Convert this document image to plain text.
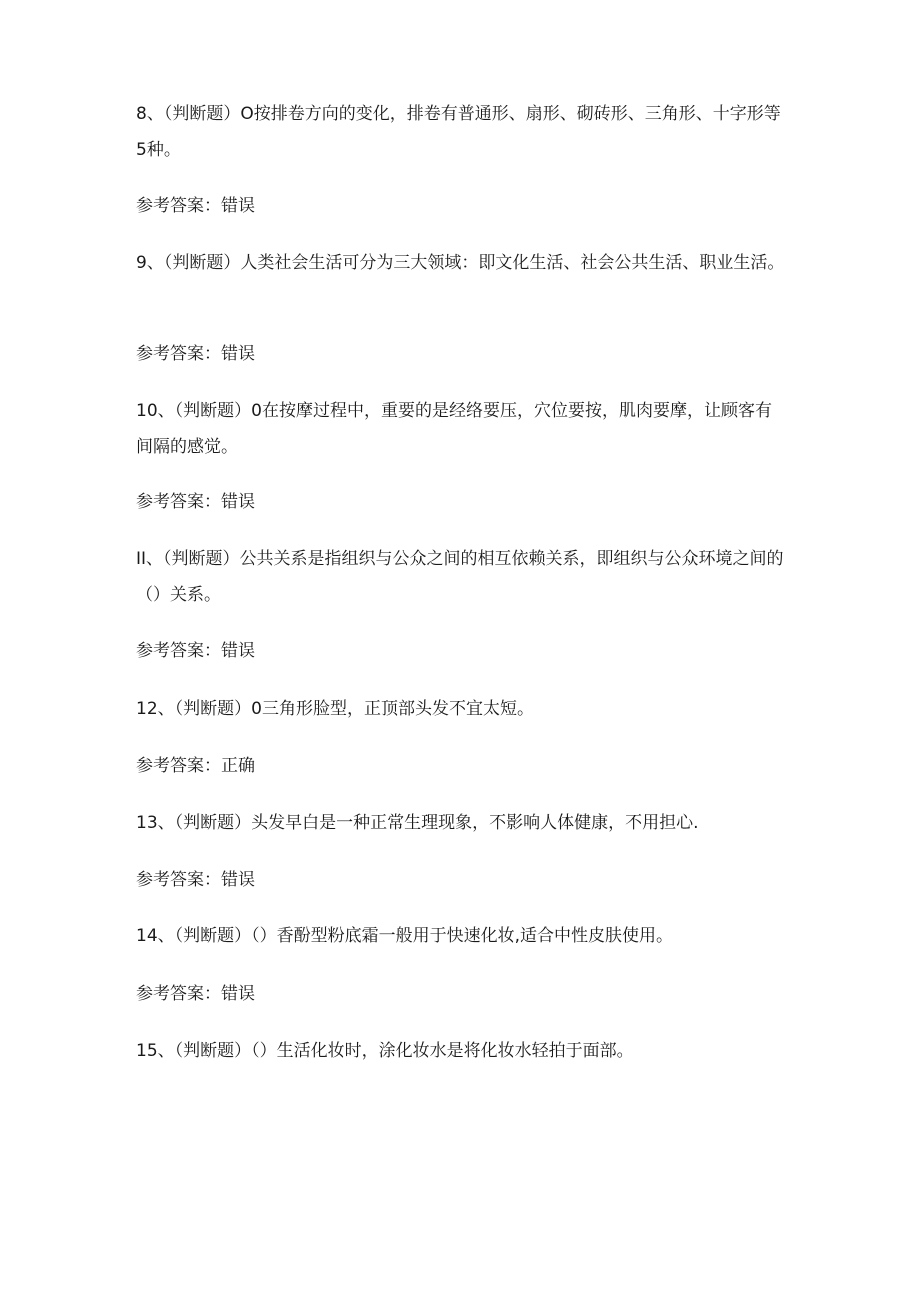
8、（判断题）O按排卷方向的变化，排卷有普通形、扇形、砌砖形、三角形、十字形等5种。

参考答案：错误

9、（判断题）人类社会生活可分为三大领域：即文化生活、社会公共生活、职业生活。

参考答案：错误

10、（判断题）0在按摩过程中，重要的是经络要压，穴位要按，肌肉要摩，让顾客有间隔的感觉。

参考答案：错误

II、（判断题）公共关系是指组织与公众之间的相互依赖关系，即组织与公众环境之间的（）关系。

参考答案：错误

12、（判断题）0三角形脸型，正顶部头发不宜太短。

参考答案：正确

13、（判断题）头发早白是一种正常生理现象，不影响人体健康，不用担心.

参考答案：错误

14、（判断题）（）香酚型粉底霜一般用于快速化妆,适合中性皮肤使用。

参考答案：错误

15、（判断题）（）生活化妆时，涂化妆水是将化妆水轻拍于面部。
